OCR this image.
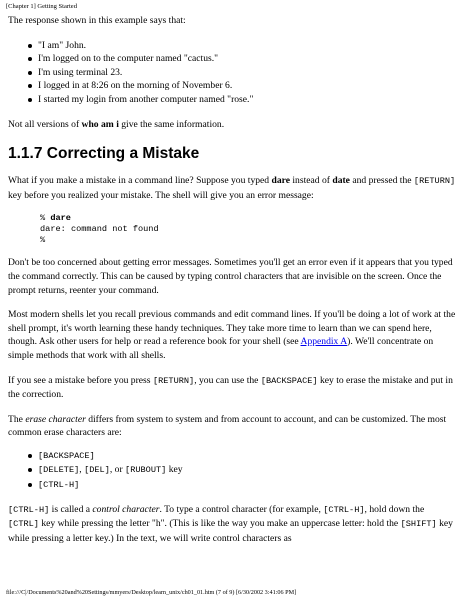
[Chapter 1] Getting Started

The response shown in this example says that:

"I am" John.
I'm logged on to the computer named "cactus."
I'm using terminal 23.
I logged in at 8:26 on the morning of November 6.
I started my login from another computer named "rose."

Not all versions of who am i give the same information.

1.1.7 Correcting a Mistake

What if you make a mistake in a command line? Suppose you typed dare instead of date and pressed the [RETURN] key before you realized your mistake. The shell will give you an error message:

% dare
dare: command not found
%

Don't be too concerned about getting error messages. Sometimes you'll get an error even if it appears that you typed the command correctly. This can be caused by typing control characters that are invisible on the screen. Once the prompt returns, reenter your command.

Most modern shells let you recall previous commands and edit command lines. If you'll be doing a lot of work at the shell prompt, it's worth learning these handy techniques. They take more time to learn than we can spend here, though. Ask other users for help or read a reference book for your shell (see Appendix A). We'll concentrate on simple methods that work with all shells.

If you see a mistake before you press [RETURN], you can use the [BACKSPACE] key to erase the mistake and put in the correction.

The erase character differs from system to system and from account to account, and can be customized. The most common erase characters are:

[BACKSPACE]
[DELETE], [DEL], or [RUBOUT] key
[CTRL-H]

[CTRL-H] is called a control character. To type a control character (for example, [CTRL-H], hold down the [CTRL] key while pressing the letter "h". (This is like the way you make an uppercase letter: hold the [SHIFT] key while pressing a letter key.) In the text, we will write control characters as

file:///C|/Documents%20and%20Settings/mmyers/Desktop/learn_unix/ch01_01.htm (7 of 9) [6/30/2002 3:41:06 PM]
